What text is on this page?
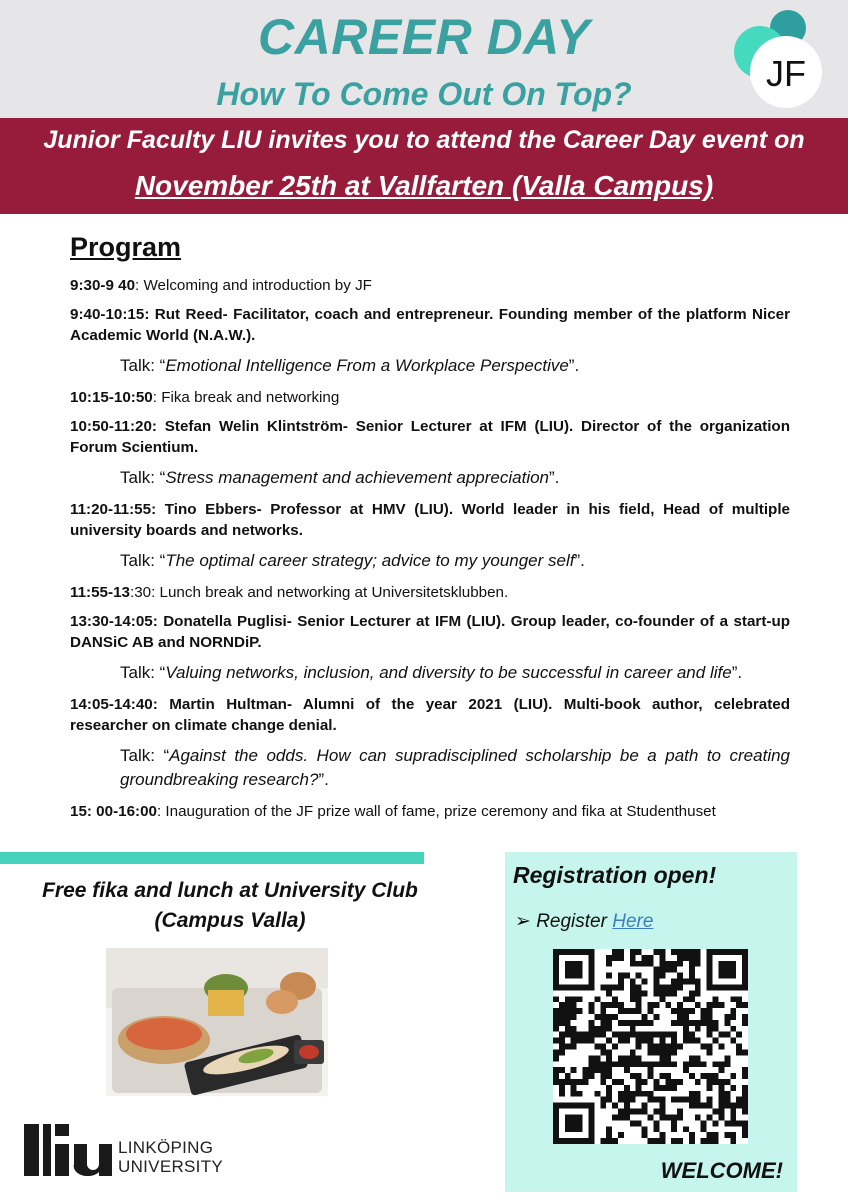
CAREER DAY
How To Come Out On Top?	JF
Junior Faculty LIU invites you to attend the Career Day event on
November 25th at Vallfarten (Valla Campus)
Program
9:30-9 40: Welcoming and introduction by JF
9:40-10:15: Rut Reed- Facilitator, coach and entrepreneur. Founding member of the platform Nicer Academic World (N.A.W.).
Talk: “Emotional Intelligence From a Workplace Perspective”.
10:15-10:50: Fika break and networking
10:50-11:20: Stefan Welin Klintström- Senior Lecturer at IFM (LIU). Director of the organization Forum Scientium.
Talk: “Stress management and achievement appreciation”.
11:20-11:55: Tino Ebbers- Professor at HMV (LIU). World leader in his field, Head of multiple university boards and networks.
Talk: “The optimal career strategy; advice to my younger self”.
11:55-13:30: Lunch break and networking at Universitetsklubben.
13:30-14:05: Donatella Puglisi- Senior Lecturer at IFM (LIU). Group leader, co-founder of a start-up DANSiC AB and NORNDiP.
Talk: “Valuing networks, inclusion, and diversity to be successful in career and life”.
14:05-14:40: Martin Hultman- Alumni of the year 2021 (LIU). Multi-book author, celebrated researcher on climate change denial.
Talk: “Against the odds. How can supradisciplined scholarship be a path to creating groundbreaking research?”.
15: 00-16:00: Inauguration of the JF prize wall of fame, prize ceremony and fika at Studenthuset
Free fika and lunch at University Club (Campus Valla)
Registration open!
➢ Register Here
WELCOME!
LINKÖPING
UNIVERSITY
